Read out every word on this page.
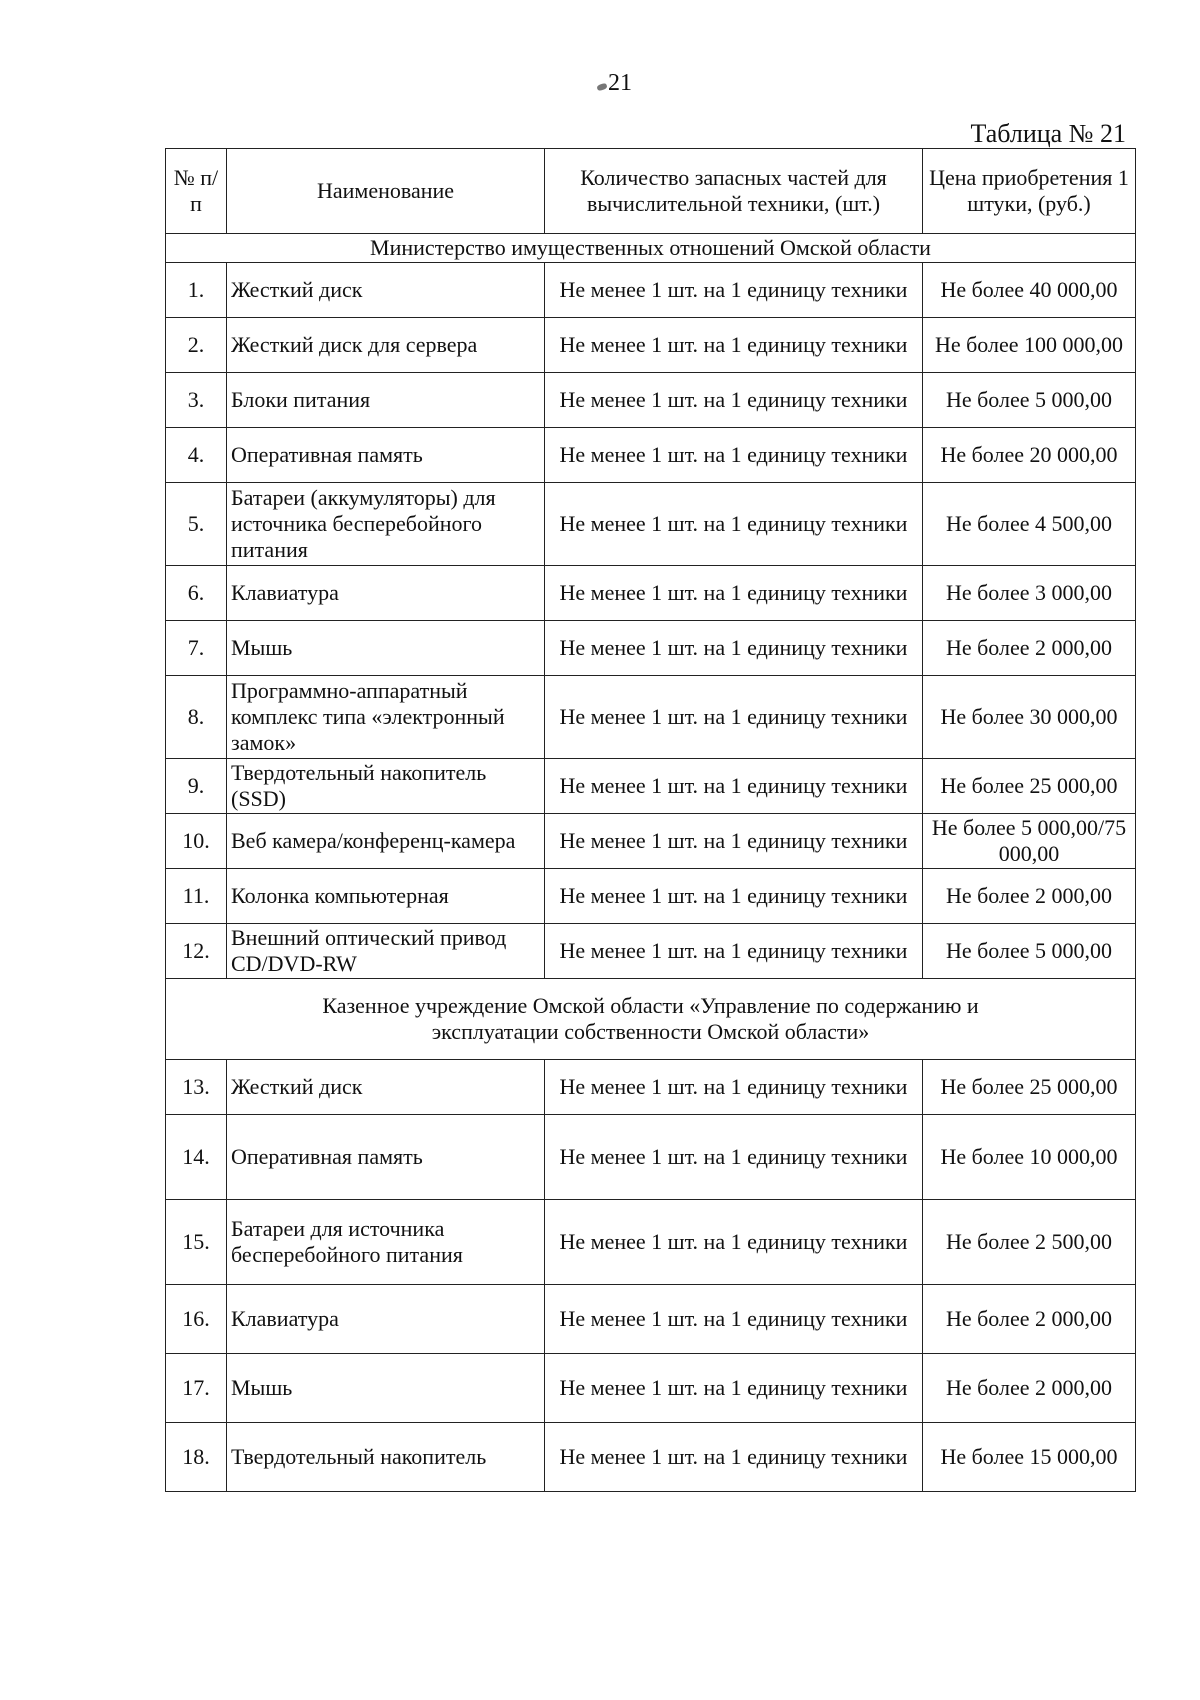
21
Таблица № 21
№ п/п	Наименование	Количество запасных частей для вычислительной техники, (шт.)	Цена приобретения 1 штуки, (руб.)
Министерство имущественных отношений Омской области			
1.	Жесткий диск	Не менее 1 шт. на 1 единицу техники	Не более 40 000,00
2.	Жесткий диск для сервера	Не менее 1 шт. на 1 единицу техники	Не более 100 000,00
3.	Блоки питания	Не менее 1 шт. на 1 единицу техники	Не более 5 000,00
4.	Оперативная память	Не менее 1 шт. на 1 единицу техники	Не более 20 000,00
5.	Батареи (аккумуляторы) для источника бесперебойного питания	Не менее 1 шт. на 1 единицу техники	Не более 4 500,00
6.	Клавиатура	Не менее 1 шт. на 1 единицу техники	Не более 3 000,00
7.	Мышь	Не менее 1 шт. на 1 единицу техники	Не более 2 000,00
8.	Программно-аппаратный комплекс типа «электронный замок»	Не менее 1 шт. на 1 единицу техники	Не более 30 000,00
9.	Твердотельный накопитель (SSD)	Не менее 1 шт. на 1 единицу техники	Не более 25 000,00
10.	Веб камера/конференц-камера	Не менее 1 шт. на 1 единицу техники	Не более 5 000,00/75 000,00
11.	Колонка компьютерная	Не менее 1 шт. на 1 единицу техники	Не более 2 000,00
12.	Внешний оптический привод CD/DVD-RW	Не менее 1 шт. на 1 единицу техники	Не более 5 000,00
Казенное учреждение Омской области «Управление по содержанию и эксплуатации собственности Омской области»			
13.	Жесткий диск	Не менее 1 шт. на 1 единицу техники	Не более 25 000,00
14.	Оперативная память	Не менее 1 шт. на 1 единицу техники	Не более 10 000,00
15.	Батареи для источника бесперебойного питания	Не менее 1 шт. на 1 единицу техники	Не более 2 500,00
16.	Клавиатура	Не менее 1 шт. на 1 единицу техники	Не более 2 000,00
17.	Мышь	Не менее 1 шт. на 1 единицу техники	Не более 2 000,00
18.	Твердотельный накопитель	Не менее 1 шт. на 1 единицу техники	Не более 15 000,00
